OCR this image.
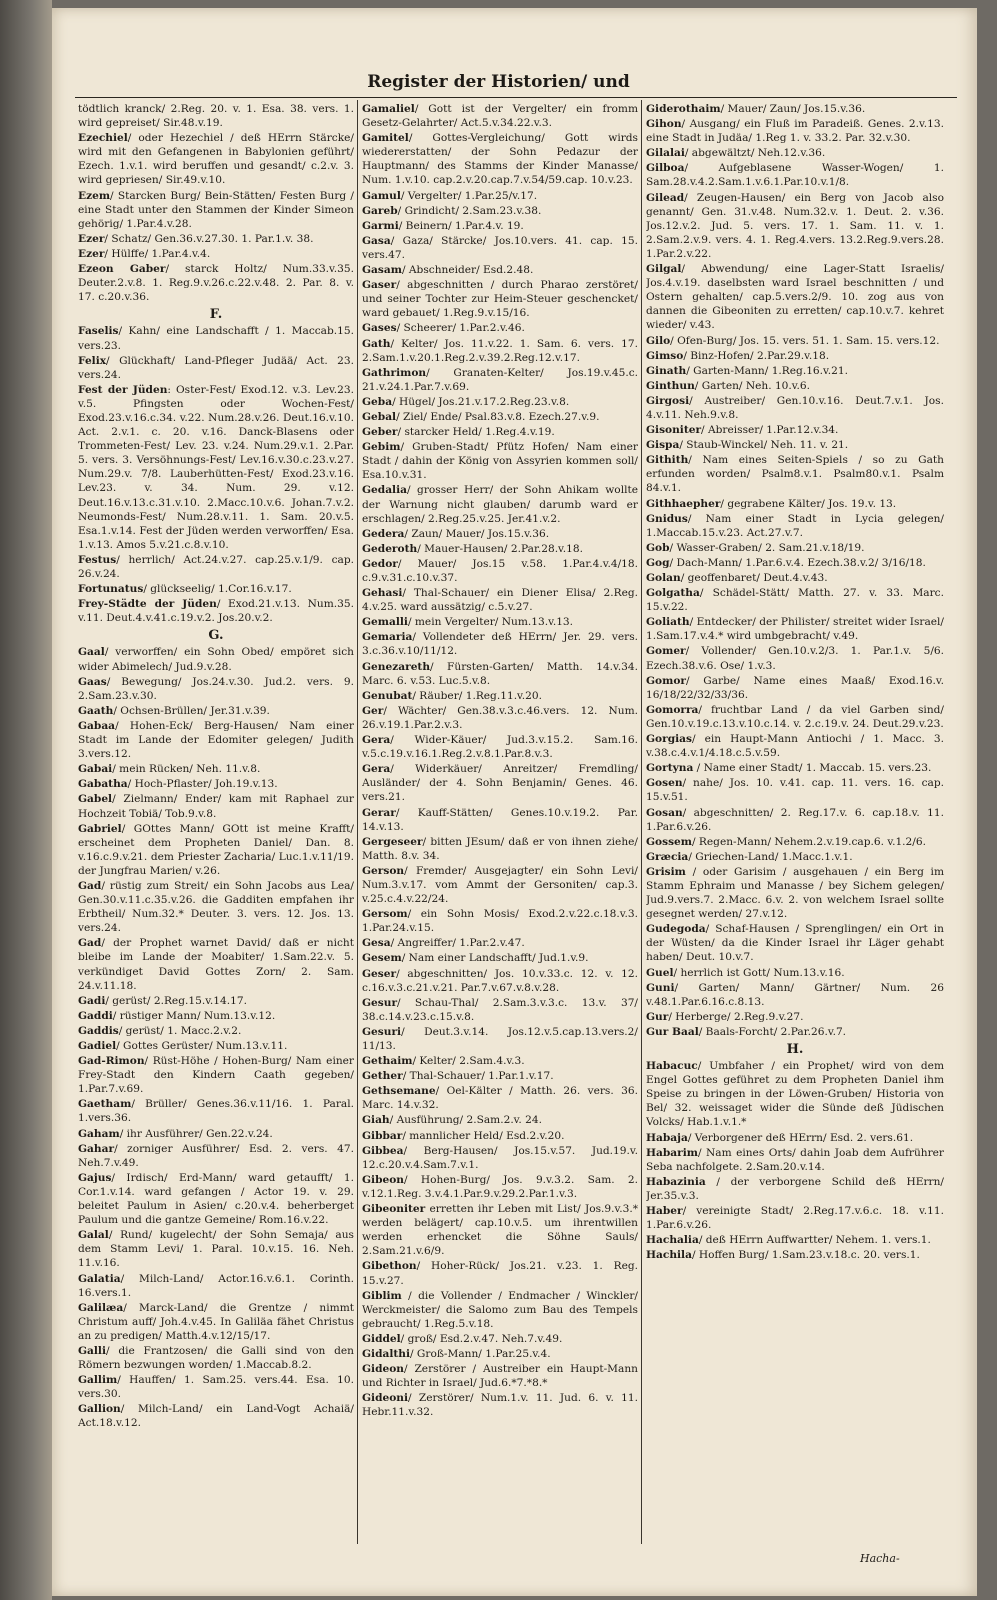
Register der Historien/ und

tödtlich kranck/ 2.Reg. 20. v. 1. Esa. 38. vers. 1. wird gepreiset/ Sir.48.v.19.

Ezechiel/ oder Hezechiel / deß HErrn Stärcke/ wird mit den Gefangenen in Babylonien geführt/ Ezech. 1.v.1. wird beruffen und gesandt/ c.2.v. 3. wird gepriesen/ Sir.49.v.10.

Ezem/ Starcken Burg/ Bein-Stätten/ Festen Burg / eine Stadt unter den Stammen der Kinder Simeon gehörig/ 1.Par.4.v.28.

Ezer/ Schatz/ Gen.36.v.27.30. 1. Par.1.v. 38.

Ezer/ Hülffe/ 1.Par.4.v.4.

Ezeon Gaber/ starck Holtz/ Num.33.v.35. Deuter.2.v.8. 1. Reg.9.v.26.c.22.v.48. 2. Par. 8. v. 17. c.20.v.36.

F.

Faselis/ Kahn/ eine Landschafft / 1. Maccab.15. vers.23.

Felix/ Glückhaft/ Land-Pfleger Judää/ Act. 23. vers.24.

Fest der Jüden: Oster-Fest/ Exod.12. v.3. Lev.23. v.5. Pfingsten oder Wochen-Fest/ Exod.23.v.16.c.34. v.22. Num.28.v.26. Deut.16.v.10. Act. 2.v.1. c. 20. v.16. Danck-Blasens oder Trommeten-Fest/ Lev. 23. v.24. Num.29.v.1. 2.Par. 5. vers. 3. Versöhnungs-Fest/ Lev.16.v.30.c.23.v.27. Num.29.v. 7/8. Lauberhütten-Fest/ Exod.23.v.16. Lev.23. v. 34. Num. 29. v.12. Deut.16.v.13.c.31.v.10. 2.Macc.10.v.6. Johan.7.v.2. Neumonds-Fest/ Num.28.v.11. 1. Sam. 20.v.5. Esa.1.v.14. Fest der Jüden werden verworffen/ Esa. 1.v.13. Amos 5.v.21.c.8.v.10.

Festus/ herrlich/ Act.24.v.27. cap.25.v.1/9. cap. 26.v.24.

Fortunatus/ glückseelig/ 1.Cor.16.v.17.

Frey-Städte der Jüden/ Exod.21.v.13. Num.35. v.11. Deut.4.v.41.c.19.v.2. Jos.20.v.2.

G.

Gaal/ verworffen/ ein Sohn Obed/ empöret sich wider Abimelech/ Jud.9.v.28.

Gaas/ Bewegung/ Jos.24.v.30. Jud.2. vers. 9. 2.Sam.23.v.30.

Gaath/ Ochsen-Brüllen/ Jer.31.v.39.

Gabaa/ Hohen-Eck/ Berg-Hausen/ Nam einer Stadt im Lande der Edomiter gelegen/ Judith 3.vers.12.

Gabai/ mein Rücken/ Neh. 11.v.8.

Gabatha/ Hoch-Pflaster/ Joh.19.v.13.

Gabel/ Zielmann/ Ender/ kam mit Raphael zur Hochzeit Tobiä/ Tob.9.v.8.

Gabriel/ GOttes Mann/ GOtt ist meine Krafft/ erscheinet dem Propheten Daniel/ Dan. 8. v.16.c.9.v.21. dem Priester Zacharia/ Luc.1.v.11/19. der Jungfrau Marien/ v.26.

Gad/ rüstig zum Streit/ ein Sohn Jacobs aus Lea/ Gen.30.v.11.c.35.v.26. die Gadditen empfahen ihr Erbtheil/ Num.32.* Deuter. 3. vers. 12. Jos. 13. vers.24.

Gad/ der Prophet warnet David/ daß er nicht bleibe im Lande der Moabiter/ 1.Sam.22.v. 5. verkündiget David Gottes Zorn/ 2. Sam. 24.v.11.18.

Gadi/ gerüst/ 2.Reg.15.v.14.17.

Gaddi/ rüstiger Mann/ Num.13.v.12.

Gaddis/ gerüst/ 1. Macc.2.v.2.

Gadiel/ Gottes Gerüster/ Num.13.v.11.

Gad-Rimon/ Rüst-Höhe / Hohen-Burg/ Nam einer Frey-Stadt den Kindern Caath gegeben/ 1.Par.7.v.69.

Gaetham/ Brüller/ Genes.36.v.11/16. 1. Paral. 1.vers.36.

Gaham/ ihr Ausführer/ Gen.22.v.24.

Gahar/ zorniger Ausführer/ Esd. 2. vers. 47. Neh.7.v.49.

Gajus/ Irdisch/ Erd-Mann/ ward getaufft/ 1. Cor.1.v.14. ward gefangen / Actor 19. v. 29. beleitet Paulum in Asien/ c.20.v.4. beherberget Paulum und die gantze Gemeine/ Rom.16.v.22.

Galal/ Rund/ kugelecht/ der Sohn Semaja/ aus dem Stamm Levi/ 1. Paral. 10.v.15. 16. Neh. 11.v.16.

Galatia/ Milch-Land/ Actor.16.v.6.1. Corinth. 16.vers.1.

Galilæa/ Marck-Land/ die Grentze / nimmt Christum auff/ Joh.4.v.45. In Galiläa fähet Christus an zu predigen/ Matth.4.v.12/15/17.

Galli/ die Frantzosen/ die Galli sind von den Römern bezwungen worden/ 1.Maccab.8.2.

Gallim/ Hauffen/ 1. Sam.25. vers.44. Esa. 10. vers.30.

Gallion/ Milch-Land/ ein Land-Vogt Achaiä/ Act.18.v.12.

Gamaliel/ Gott ist der Vergelter/ ein fromm Gesetz-Gelahrter/ Act.5.v.34.22.v.3.

Gamitel/ Gottes-Vergleichung/ Gott wirds wiedererstatten/ der Sohn Pedazur der Hauptmann/ des Stamms der Kinder Manasse/ Num. 1.v.10. cap.2.v.20.cap.7.v.54/59.cap. 10.v.23.

Gamul/ Vergelter/ 1.Par.25/v.17.

Gareb/ Grindicht/ 2.Sam.23.v.38.

Garmi/ Beinern/ 1.Par.4.v. 19.

Gasa/ Gaza/ Stärcke/ Jos.10.vers. 41. cap. 15. vers.47.

Gasam/ Abschneider/ Esd.2.48.

Gaser/ abgeschnitten / durch Pharao zerstöret/ und seiner Tochter zur Heim-Steuer geschencket/ ward gebauet/ 1.Reg.9.v.15/16.

Gases/ Scheerer/ 1.Par.2.v.46.

Gath/ Kelter/ Jos. 11.v.22. 1. Sam. 6. vers. 17. 2.Sam.1.v.20.1.Reg.2.v.39.2.Reg.12.v.17.

Gathrimon/ Granaten-Kelter/ Jos.19.v.45.c. 21.v.24.1.Par.7.v.69.

Geba/ Hügel/ Jos.21.v.17.2.Reg.23.v.8.

Gebal/ Ziel/ Ende/ Psal.83.v.8. Ezech.27.v.9.

Geber/ starcker Held/ 1.Reg.4.v.19.

Gebim/ Gruben-Stadt/ Pfütz Hofen/ Nam einer Stadt / dahin der König von Assyrien kommen soll/ Esa.10.v.31.

Gedalia/ grosser Herr/ der Sohn Ahikam wollte der Warnung nicht glauben/ darumb ward er erschlagen/ 2.Reg.25.v.25. Jer.41.v.2.

Gedera/ Zaun/ Mauer/ Jos.15.v.36.

Gederoth/ Mauer-Hausen/ 2.Par.28.v.18.

Gedor/ Mauer/ Jos.15 v.58. 1.Par.4.v.4/18. c.9.v.31.c.10.v.37.

Gehasi/ Thal-Schauer/ ein Diener Elisa/ 2.Reg. 4.v.25. ward aussätzig/ c.5.v.27.

Gemalli/ mein Vergelter/ Num.13.v.13.

Gemaria/ Vollendeter deß HErrn/ Jer. 29. vers. 3.c.36.v.10/11/12.

Genezareth/ Fürsten-Garten/ Matth. 14.v.34. Marc. 6. v.53. Luc.5.v.8.

Genubat/ Räuber/ 1.Reg.11.v.20.

Ger/ Wächter/ Gen.38.v.3.c.46.vers. 12. Num. 26.v.19.1.Par.2.v.3.

Gera/ Wider-Käuer/ Jud.3.v.15.2. Sam.16. v.5.c.19.v.16.1.Reg.2.v.8.1.Par.8.v.3.

Gera/ Widerkäuer/ Anreitzer/ Fremdling/ Ausländer/ der 4. Sohn Benjamin/ Genes. 46. vers.21.

Gerar/ Kauff-Stätten/ Genes.10.v.19.2. Par. 14.v.13.

Gergeseer/ bitten JEsum/ daß er von ihnen ziehe/ Matth. 8.v. 34.

Gerson/ Fremder/ Ausgejagter/ ein Sohn Levi/ Num.3.v.17. vom Ammt der Gersoniten/ cap.3. v.25.c.4.v.22/24.

Gersom/ ein Sohn Mosis/ Exod.2.v.22.c.18.v.3. 1.Par.24.v.15.

Gesa/ Angreiffer/ 1.Par.2.v.47.

Gesem/ Nam einer Landschafft/ Jud.1.v.9.

Geser/ abgeschnitten/ Jos. 10.v.33.c. 12. v. 12. c.16.v.3.c.21.v.21. Par.7.v.67.v.8.v.28.

Gesur/ Schau-Thal/ 2.Sam.3.v.3.c. 13.v. 37/ 38.c.14.v.23.c.15.v.8.

Gesuri/ Deut.3.v.14. Jos.12.v.5.cap.13.vers.2/ 11/13.

Gethaim/ Kelter/ 2.Sam.4.v.3.

Gether/ Thal-Schauer/ 1.Par.1.v.17.

Gethsemane/ Oel-Kälter / Matth. 26. vers. 36. Marc. 14.v.32.

Giah/ Ausführung/ 2.Sam.2.v. 24.

Gibbar/ mannlicher Held/ Esd.2.v.20.

Gibbea/ Berg-Hausen/ Jos.15.v.57. Jud.19.v. 12.c.20.v.4.Sam.7.v.1.

Gibeon/ Hohen-Burg/ Jos. 9.v.3.2. Sam. 2. v.12.1.Reg. 3.v.4.1.Par.9.v.29.2.Par.1.v.3.

Gibeoniter erretten ihr Leben mit List/ Jos.9.v.3.* werden belägert/ cap.10.v.5. um ihrentwillen werden erhencket die Söhne Sauls/ 2.Sam.21.v.6/9.

Gibethon/ Hoher-Rück/ Jos.21. v.23. 1. Reg. 15.v.27.

Giblim / die Vollender / Endmacher / Winckler/ Werckmeister/ die Salomo zum Bau des Tempels gebraucht/ 1.Reg.5.v.18.

Giddel/ groß/ Esd.2.v.47. Neh.7.v.49.

Gidalthi/ Groß-Mann/ 1.Par.25.v.4.

Gideon/ Zerstörer / Austreiber ein Haupt-Mann und Richter in Israel/ Jud.6.*7.*8.*

Gideoni/ Zerstörer/ Num.1.v. 11. Jud. 6. v. 11. Hebr.11.v.32.

Giderothaim/ Mauer/ Zaun/ Jos.15.v.36.

Gihon/ Ausgang/ ein Fluß im Paradeiß. Genes. 2.v.13. eine Stadt in Judäa/ 1.Reg 1. v. 33.2. Par. 32.v.30.

Gilalai/ abgewältzt/ Neh.12.v.36.

Gilboa/ Aufgeblasene Wasser-Wogen/ 1. Sam.28.v.4.2.Sam.1.v.6.1.Par.10.v.1/8.

Gilead/ Zeugen-Hausen/ ein Berg von Jacob also genannt/ Gen. 31.v.48. Num.32.v. 1. Deut. 2. v.36. Jos.12.v.2. Jud. 5. vers. 17. 1. Sam. 11. v. 1. 2.Sam.2.v.9. vers. 4. 1. Reg.4.vers. 13.2.Reg.9.vers.28. 1.Par.2.v.22.

Gilgal/ Abwendung/ eine Lager-Statt Israelis/ Jos.4.v.19. daselbsten ward Israel beschnitten / und Ostern gehalten/ cap.5.vers.2/9. 10. zog aus von dannen die Gibeoniten zu erretten/ cap.10.v.7. kehret wieder/ v.43.

Gilo/ Ofen-Burg/ Jos. 15. vers. 51. 1. Sam. 15. vers.12.

Gimso/ Binz-Hofen/ 2.Par.29.v.18.

Ginath/ Garten-Mann/ 1.Reg.16.v.21.

Ginthun/ Garten/ Neh. 10.v.6.

Girgosi/ Austreiber/ Gen.10.v.16. Deut.7.v.1. Jos. 4.v.11. Neh.9.v.8.

Gisoniter/ Abreisser/ 1.Par.12.v.34.

Gispa/ Staub-Winckel/ Neh. 11. v. 21.

Githith/ Nam eines Seiten-Spiels / so zu Gath erfunden worden/ Psalm8.v.1. Psalm80.v.1. Psalm 84.v.1.

Githhaepher/ gegrabene Kälter/ Jos. 19.v. 13.

Gnidus/ Nam einer Stadt in Lycia gelegen/ 1.Maccab.15.v.23. Act.27.v.7.

Gob/ Wasser-Graben/ 2. Sam.21.v.18/19.

Gog/ Dach-Mann/ 1.Par.6.v.4. Ezech.38.v.2/ 3/16/18.

Golan/ geoffenbaret/ Deut.4.v.43.

Golgatha/ Schädel-Stätt/ Matth. 27. v. 33. Marc. 15.v.22.

Goliath/ Entdecker/ der Philister/ streitet wider Israel/ 1.Sam.17.v.4.* wird umbgebracht/ v.49.

Gomer/ Vollender/ Gen.10.v.2/3. 1. Par.1.v. 5/6. Ezech.38.v.6. Ose/ 1.v.3.

Gomor/ Garbe/ Name eines Maaß/ Exod.16.v. 16/18/22/32/33/36.

Gomorra/ fruchtbar Land / da viel Garben sind/ Gen.10.v.19.c.13.v.10.c.14. v. 2.c.19.v. 24. Deut.29.v.23.

Gorgias/ ein Haupt-Mann Antiochi / 1. Macc. 3. v.38.c.4.v.1/4.18.c.5.v.59.

Gortyna / Name einer Stadt/ 1. Maccab. 15. vers.23.

Gosen/ nahe/ Jos. 10. v.41. cap. 11. vers. 16. cap. 15.v.51.

Gosan/ abgeschnitten/ 2. Reg.17.v. 6. cap.18.v. 11. 1.Par.6.v.26.

Gossem/ Regen-Mann/ Nehem.2.v.19.cap.6. v.1.2/6.

Græcia/ Griechen-Land/ 1.Macc.1.v.1.

Grisim / oder Garisim / ausgehauen / ein Berg im Stamm Ephraim und Manasse / bey Sichem gelegen/ Jud.9.vers.7. 2.Macc. 6.v. 2. von welchem Israel sollte gesegnet werden/ 27.v.12.

Gudegoda/ Schaf-Hausen / Sprenglingen/ ein Ort in der Wüsten/ da die Kinder Israel ihr Läger gehabt haben/ Deut. 10.v.7.

Guel/ herrlich ist Gott/ Num.13.v.16.

Guni/ Garten/ Mann/ Gärtner/ Num. 26 v.48.1.Par.6.16.c.8.13.

Gur/ Herberge/ 2.Reg.9.v.27.

Gur Baal/ Baals-Forcht/ 2.Par.26.v.7.

H.

Habacuc/ Umbfaher / ein Prophet/ wird von dem Engel Gottes geführet zu dem Propheten Daniel ihm Speise zu bringen in der Löwen-Gruben/ Historia von Bel/ 32. weissaget wider die Sünde deß Jüdischen Volcks/ Hab.1.v.1.*

Habaja/ Verborgener deß HErrn/ Esd. 2. vers.61.

Habarim/ Nam eines Orts/ dahin Joab dem Aufrührer Seba nachfolgete. 2.Sam.20.v.14.

Habazinia / der verborgene Schild deß HErrn/ Jer.35.v.3.

Haber/ vereinigte Stadt/ 2.Reg.17.v.6.c. 18. v.11. 1.Par.6.v.26.

Hachalia/ deß HErrn Auffwartter/ Nehem. 1. vers.1.

Hachila/ Hoffen Burg/ 1.Sam.23.v.18.c. 20. vers.1.

Hacha-
